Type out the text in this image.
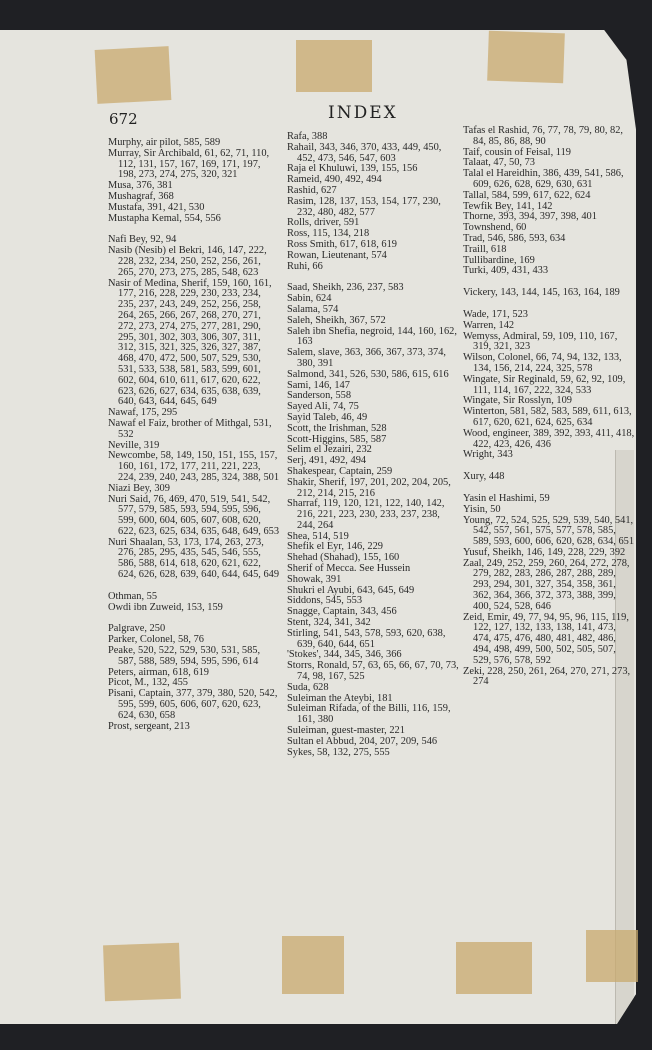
672	INDEX
Murphy, air pilot, 585, 589
Murray, Sir Archibald, 61, 62, 71, 110, 112, 131, 157, 167, 169, 171, 197, 198, 273, 274, 275, 320, 321
Musa, 376, 381
Mushagraf, 368
Mustafa, 391, 421, 530
Mustapha Kemal, 554, 556
Nafi Bey, 92, 94
Nasib (Nesib) el Bekri, 146, 147, 222, 228, 232, 234, 250, 252, 256, 261, 265, 270, 273, 275, 285, 548, 623
Nasir of Medina, Sherif, 159, 160, 161, 177, 216, 228, 229, 230, 233, 234, 235, 237, 243, 249, 252, 256, 258, 264, 265, 266, 267, 268, 270, 271, 272, 273, 274, 275, 277, 281, 290, 295, 301, 302, 303, 306, 307, 311, 312, 315, 321, 325, 326, 327, 387, 468, 470, 472, 500, 507, 529, 530, 531, 533, 538, 581, 583, 599, 601, 602, 604, 610, 611, 617, 620, 622, 623, 626, 627, 634, 635, 638, 639, 640, 643, 644, 645, 649
Nawaf, 175, 295
Nawaf el Faiz, brother of Mithgal, 531, 532
Neville, 319
Newcombe, 58, 149, 150, 151, 155, 157, 160, 161, 172, 177, 211, 221, 223, 224, 239, 240, 243, 285, 324, 388, 501
Niazi Bey, 309
Nuri Said, 76, 469, 470, 519, 541, 542, 577, 579, 585, 593, 594, 595, 596, 599, 600, 604, 605, 607, 608, 620, 622, 623, 625, 634, 635, 648, 649, 653
Nuri Shaalan, 53, 173, 174, 263, 273, 276, 285, 295, 435, 545, 546, 555, 586, 588, 614, 618, 620, 621, 622, 624, 626, 628, 639, 640, 644, 645, 649
Othman, 55
Owdi ibn Zuweid, 153, 159
Palgrave, 250
Parker, Colonel, 58, 76
Peake, 520, 522, 529, 530, 531, 585, 587, 588, 589, 594, 595, 596, 614
Peters, airman, 618, 619
Picot, M., 132, 455
Pisani, Captain, 377, 379, 380, 520, 542, 595, 599, 605, 606, 607, 620, 623, 624, 630, 658
Prost, sergeant, 213
Rafa, 388
Rahail, 343, 346, 370, 433, 449, 450, 452, 473, 546, 547, 603
Raja el Khuluwi, 139, 155, 156
Rameid, 490, 492, 494
Rashid, 627
Rasim, 128, 137, 153, 154, 177, 230, 232, 480, 482, 577
Rolls, driver, 591
Ross, 115, 134, 218
Ross Smith, 617, 618, 619
Rowan, Lieutenant, 574
Ruhi, 66
Saad, Sheikh, 236, 237, 583
Sabin, 624
Salama, 574
Saleh, Sheikh, 367, 572
Saleh ibn Shefia, negroid, 144, 160, 162, 163
Salem, slave, 363, 366, 367, 373, 374, 380, 391
Salmond, 341, 526, 530, 586, 615, 616
Sami, 146, 147
Sanderson, 558
Sayed Ali, 74, 75
Sayid Taleb, 46, 49
Scott, the Irishman, 528
Scott-Higgins, 585, 587
Selim el Jezairi, 232
Serj, 491, 492, 494
Shakespear, Captain, 259
Shakir, Sherif, 197, 201, 202, 204, 205, 212, 214, 215, 216
Sharraf, 119, 120, 121, 122, 140, 142, 216, 221, 223, 230, 233, 237, 238, 244, 264
Shea, 514, 519
Shefik el Eyr, 146, 229
Shehad (Shahad), 155, 160
Sherif of Mecca. See Hussein
Showak, 391
Shukri el Ayubi, 643, 645, 649
Siddons, 545, 553
Snagge, Captain, 343, 456
Stent, 324, 341, 342
Stirling, 541, 543, 578, 593, 620, 638, 639, 640, 644, 651
'Stokes', 344, 345, 346, 366
Storrs, Ronald, 57, 63, 65, 66, 67, 70, 73, 74, 98, 167, 525
Suda, 628
Suleiman the Ateybi, 181
Suleiman Rifada, of the Billi, 116, 159, 161, 380
Suleiman, guest-master, 221
Sultan el Abbud, 204, 207, 209, 546
Sykes, 58, 132, 275, 555
Tafas el Rashid, 76, 77, 78, 79, 80, 82, 84, 85, 86, 88, 90
Taif, cousin of Feisal, 119
Talaat, 47, 50, 73
Talal el Hareidhin, 386, 439, 541, 586, 609, 626, 628, 629, 630, 631
Tallal, 584, 599, 617, 622, 624
Tewfik Bey, 141, 142
Thorne, 393, 394, 397, 398, 401
Townshend, 60
Trad, 546, 586, 593, 634
Traill, 618
Tullibardine, 169
Turki, 409, 431, 433
Vickery, 143, 144, 145, 163, 164, 189
Wade, 171, 523
Warren, 142
Wemyss, Admiral, 59, 109, 110, 167, 319, 321, 323
Wilson, Colonel, 66, 74, 94, 132, 133, 134, 156, 214, 224, 325, 578
Wingate, Sir Reginald, 59, 62, 92, 109, 111, 114, 167, 222, 324, 533
Wingate, Sir Rosslyn, 109
Winterton, 581, 582, 583, 589, 611, 613, 617, 620, 621, 624, 625, 634
Wood, engineer, 389, 392, 393, 411, 418, 422, 423, 426, 436
Wright, 343
Xury, 448
Yasin el Hashimi, 59
Yisin, 50
Young, 72, 524, 525, 529, 539, 540, 541, 542, 557, 561, 575, 577, 578, 585, 589, 593, 600, 606, 620, 628, 634, 651
Yusuf, Sheikh, 146, 149, 228, 229, 392
Zaal, 249, 252, 259, 260, 264, 272, 278, 279, 282, 283, 286, 287, 288, 289, 293, 294, 301, 327, 354, 358, 361, 362, 364, 366, 372, 373, 388, 399, 400, 524, 528, 646
Zeid, Emir, 49, 77, 94, 95, 96, 115, 119, 122, 127, 132, 133, 138, 141, 473, 474, 475, 476, 480, 481, 482, 486, 494, 498, 499, 500, 502, 505, 507, 529, 576, 578, 592
Zeki, 228, 250, 261, 264, 270, 271, 273, 274
